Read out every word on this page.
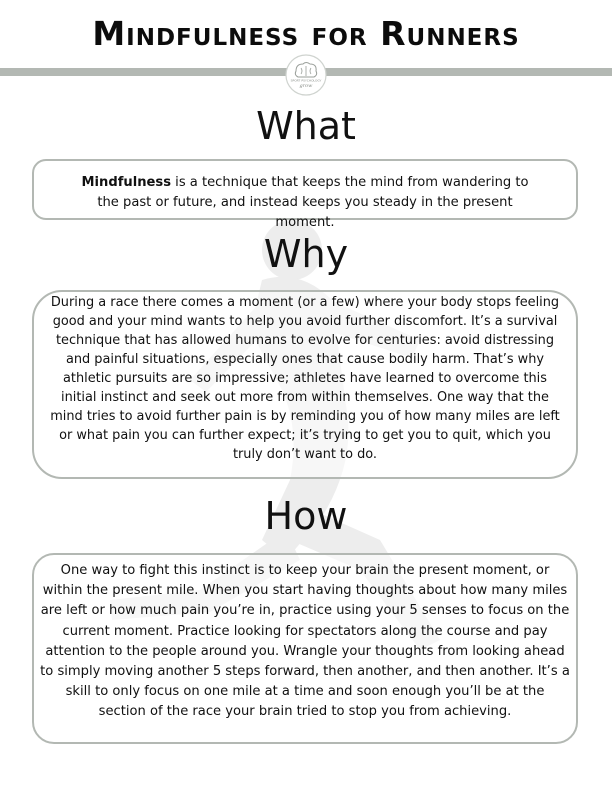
Mindfulness for Runners
SPORT PSYCHOLOGY
grow
What

Mindfulness is a technique that keeps the mind from wandering to the past or future, and instead keeps you steady in the present moment.

Why

During a race there comes a moment (or a few) where your body stops feeling good and your mind wants to help you avoid further discomfort. It’s a survival technique that has allowed humans to evolve for centuries: avoid distressing and painful situations, especially ones that cause bodily harm. That’s why athletic pursuits are so impressive; athletes have learned to overcome this initial instinct and seek out more from within themselves. One way that the mind tries to avoid further pain is by reminding you of how many miles are left or what pain you can further expect; it’s trying to get you to quit, which you truly don’t want to do.

How

One way to fight this instinct is to keep your brain the present moment, or within the present mile. When you start having thoughts about how many miles are left or how much pain you’re in, practice using your 5 senses to focus on the current moment. Practice looking for spectators along the course and pay attention to the people around you. Wrangle your thoughts from looking ahead to simply moving another 5 steps forward, then another, and then another. It’s a skill to only focus on one mile at a time and soon enough you’ll be at the section of the race your brain tried to stop you from achieving.
